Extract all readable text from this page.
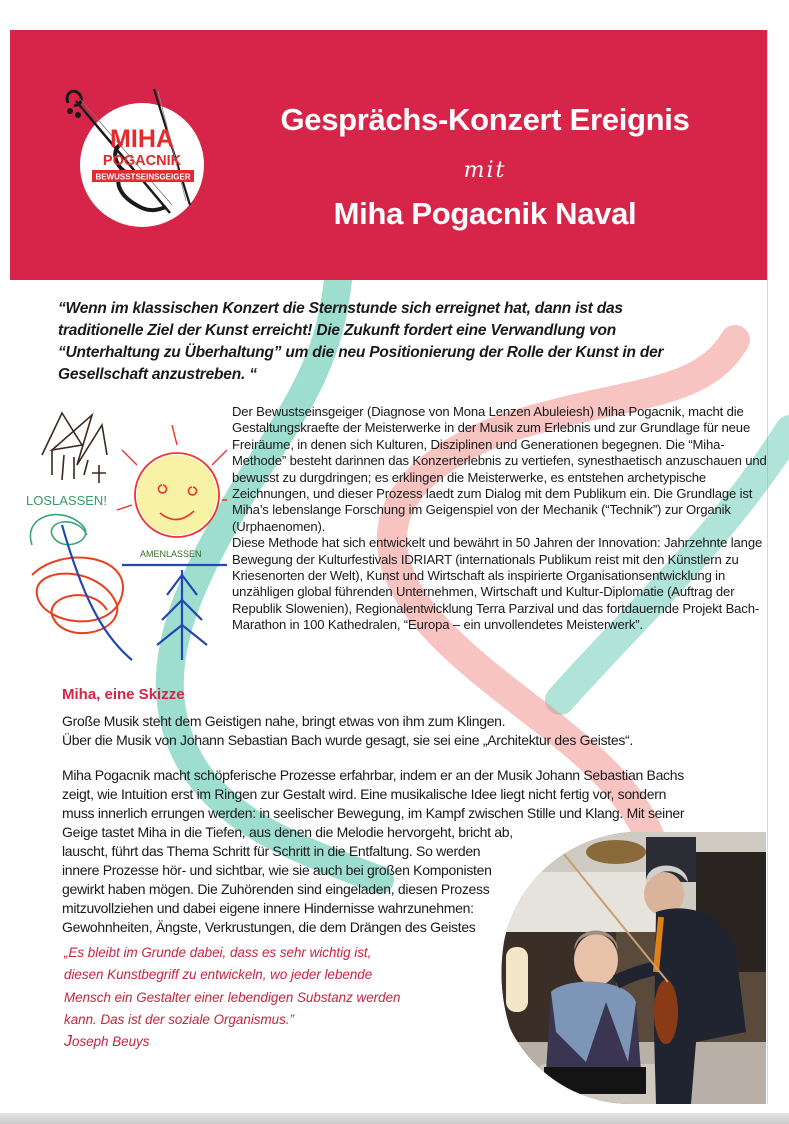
MIHA
POGACNIK
BEWUSSTSEINSGEIGER
Gesprächs-Konzert Ereignis
mit
Miha Pogacnik Naval
“Wenn im klassischen Konzert die Sternstunde sich erreignet hat, dann ist das traditionelle Ziel der Kunst erreicht! Die Zukunft fordert eine Verwandlung von “Unterhaltung zu Überhaltung” um die neu Positionierung der Rolle der Kunst in der Gesellschaft anzustreben. “
LOSLASSEN!
AMENLASSEN

Der Bewustseinsgeiger (Diagnose von Mona Lenzen Abuleiesh) Miha Pogacnik, macht die Gestaltungskraefte der Meisterwerke in der Musik zum Erlebnis und zur Grundlage für neue Freiräume, in denen sich Kulturen, Disziplinen und Generationen begegnen. Die “Miha-Methode” besteht darinnen das Konzerterlebnis zu vertiefen, synesthaetisch anzuschauen und bewusst zu durgdringen; es erklingen die Meisterwerke, es entstehen archetypische Zeichnungen, und dieser Prozess laedt zum Dialog mit dem Publikum ein. Die Grundlage ist Miha’s lebenslange Forschung im Geigenspiel von der Mechanik (“Technik”) zur Organik (Urphaenomen).

Diese Methode hat sich entwickelt und bewährt in 50 Jahren der Innovation: Jahrzehnte lange Bewegung der Kulturfestivals IDRIART (internationals Publikum reist mit den Künstlern zu Kriesenorten der Welt), Kunst und Wirtschaft als inspirierte Organisationsentwicklung in unzähligen global führenden Unternehmen, Wirtschaft und Kultur-Diplomatie (Auftrag der Republik Slowenien), Regionalentwicklung Terra Parzival und das fortdauernde Projekt Bach-Marathon in 100 Kathedralen, “Europa – ein unvollendetes Meisterwerk”.

Miha, eine Skizze
Große Musik steht dem Geistigen nahe, bringt etwas von ihm zum Klingen.
Über die Musik von Johann Sebastian Bach wurde gesagt, sie sei eine „Architektur des Geistes“.
Miha Pogacnik macht schöpferische Prozesse erfahrbar, indem er an der Musik Johann Sebastian Bachs
zeigt, wie Intuition erst im Ringen zur Gestalt wird. Eine musikalische Idee liegt nicht fertig vor, sondern
muss innerlich errungen werden: in seelischer Bewegung, im Kampf zwischen Stille und Klang. Mit seiner
Geige tastet Miha in die Tiefen, aus denen die Melodie hervorgeht, bricht ab,
lauscht, führt das Thema Schritt für Schritt in die Entfaltung. So werden
innere Prozesse hör- und sichtbar, wie sie auch bei großen Komponisten
gewirkt haben mögen. Die Zuhörenden sind eingeladen, diesen Prozess
mitzuvollziehen und dabei eigene innere Hindernisse wahrzunehmen:
Gewohnheiten, Ängste, Verkrustungen, die dem Drängen des Geistes
„Es bleibt im Grunde dabei, dass es sehr wichtig ist,
diesen Kunstbegriff zu entwickeln, wo jeder lebende
Mensch ein Gestalter einer lebendigen Substanz werden
kann. Das ist der soziale Organismus.”
Joseph Beuys
